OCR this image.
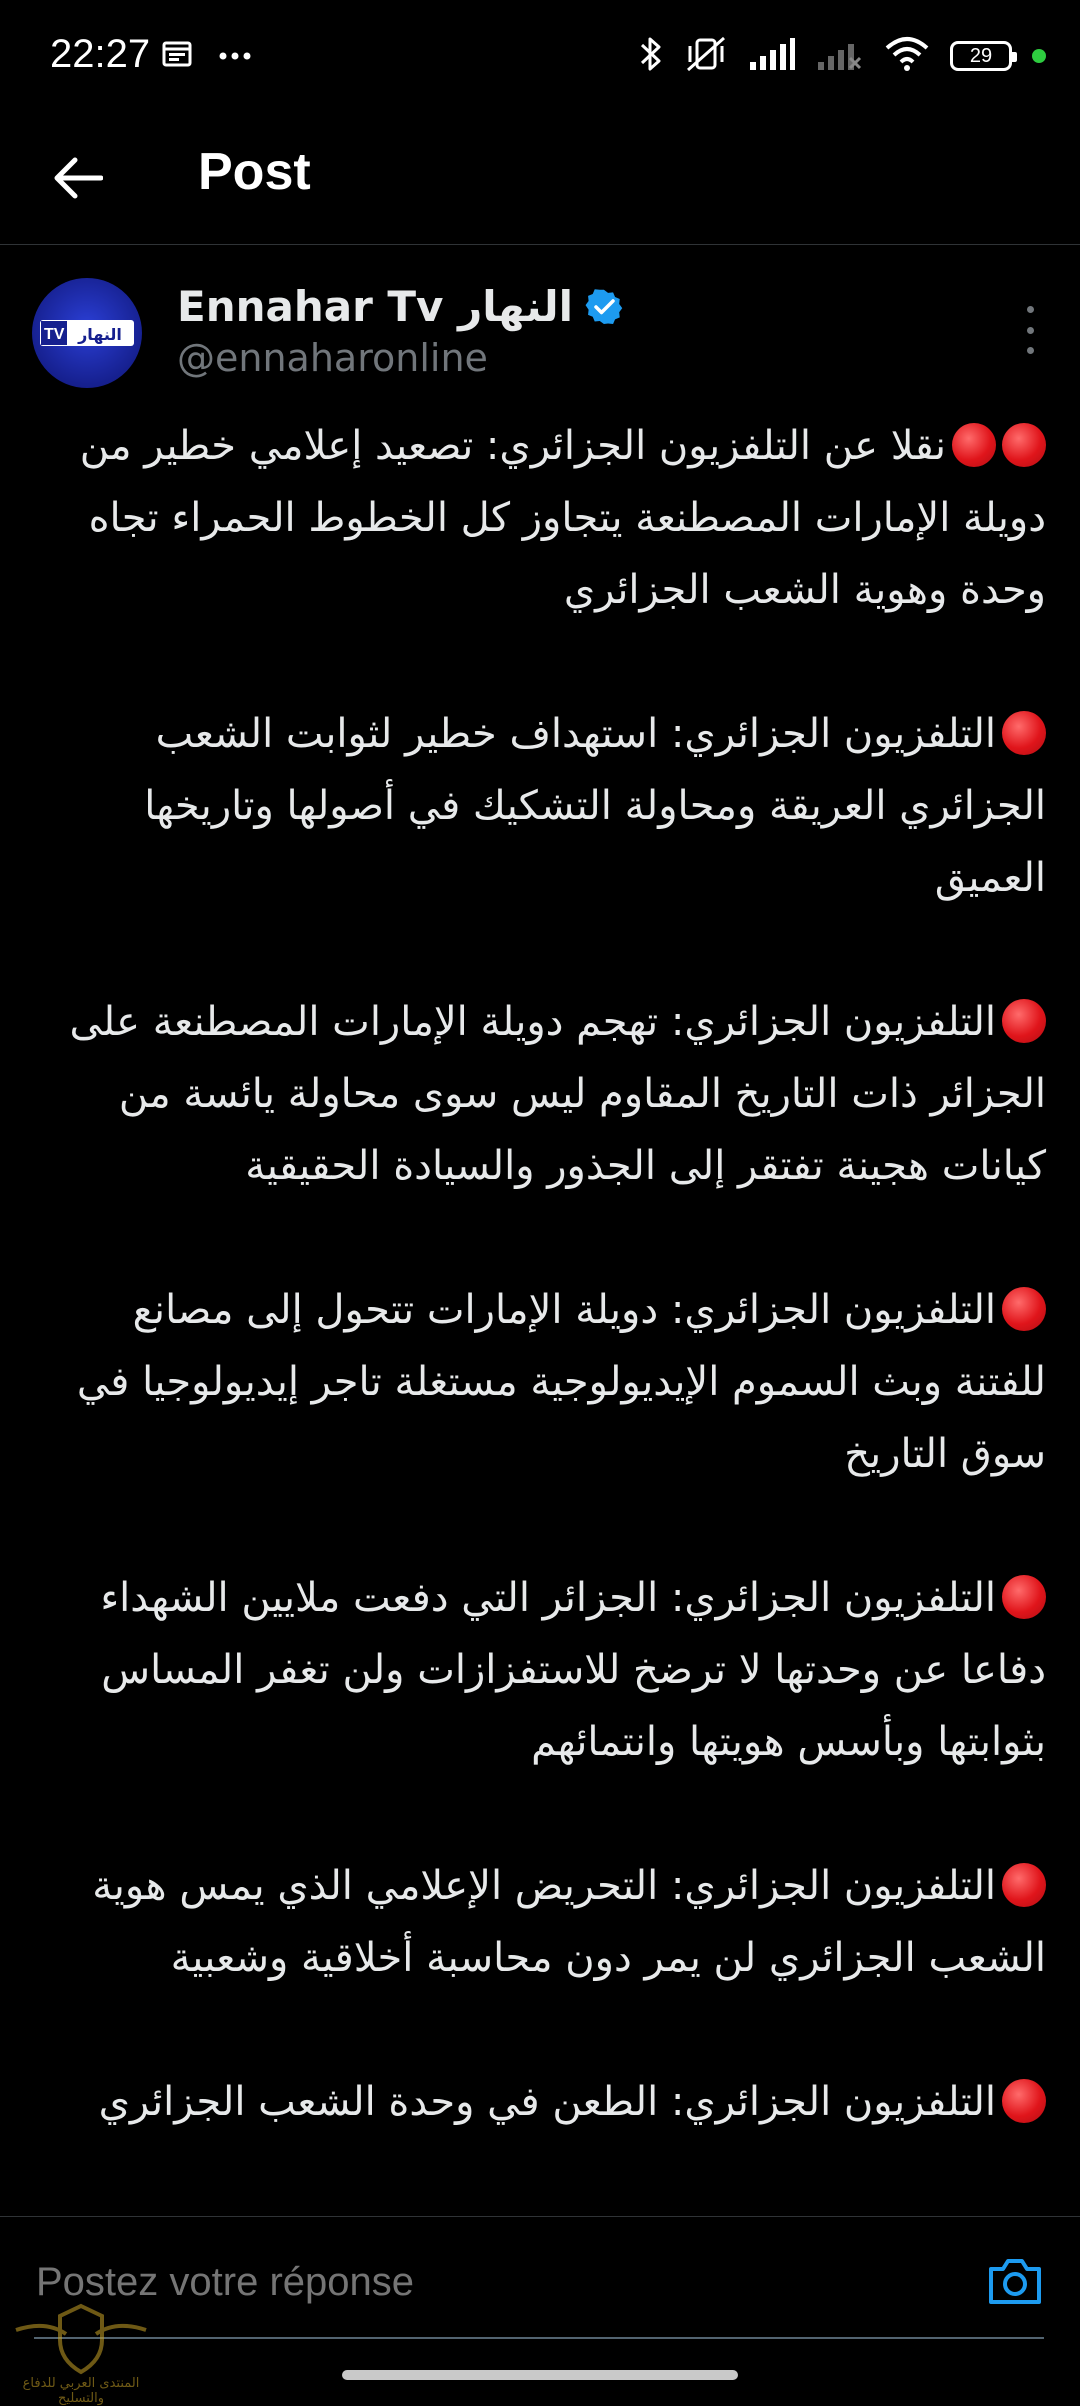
22:27	29
Post
TV النهار
Ennahar Tv النهار
@ennaharonline

نقلا عن التلفزيون الجزائري: تصعيد إعلامي خطير من دويلة الإمارات المصطنعة يتجاوز كل الخطوط الحمراء تجاه وحدة وهوية الشعب الجزائري

التلفزيون الجزائري: استهداف خطير لثوابت الشعب الجزائري العريقة ومحاولة التشكيك في أصولها وتاريخها العميق

التلفزيون الجزائري: تهجم دويلة الإمارات المصطنعة على الجزائر ذات التاريخ المقاوم ليس سوى محاولة يائسة من كيانات هجينة تفتقر إلى الجذور والسيادة الحقيقية

التلفزيون الجزائري: دويلة الإمارات تتحول إلى مصانع للفتنة وبث السموم الإيديولوجية مستغلة تاجر إيديولوجيا في سوق التاريخ

التلفزيون الجزائري: الجزائر التي دفعت ملايين الشهداء دفاعا عن وحدتها لا ترضخ للاستفزازات ولن تغفر المساس بثوابتها وبأسس هويتها وانتمائهم

التلفزيون الجزائري: التحريض الإعلامي الذي يمس هوية الشعب الجزائري لن يمر دون محاسبة أخلاقية وشعبية

التلفزيون الجزائري: الطعن في وحدة الشعب الجزائري

Postez votre réponse
المنتدى العربي للدفاع والتسليح
